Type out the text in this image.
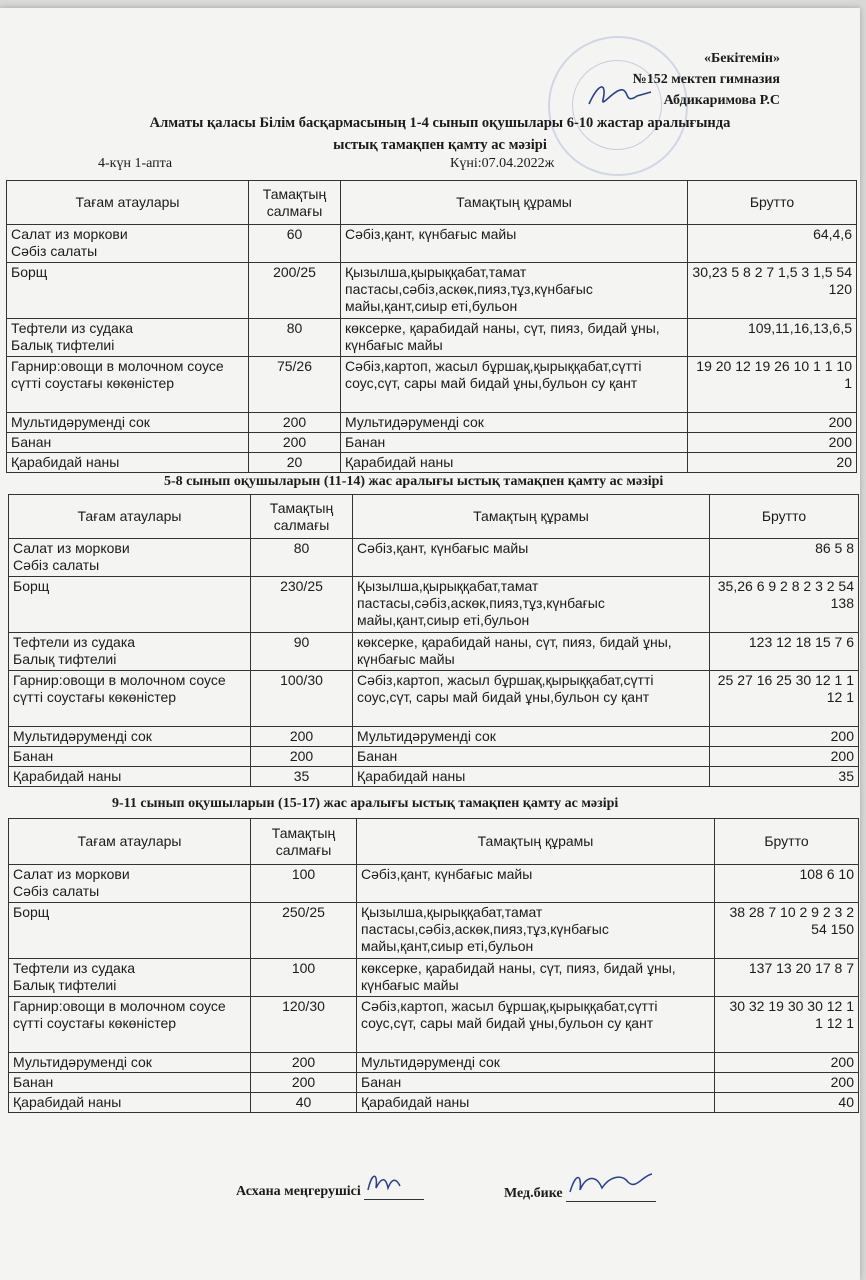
«Бекітемін»
№152 мектеп гимназия
Абдикаримова Р.С
Алматы қаласы Білім басқармасының 1-4 сынып оқушылары 6-10 жастар аралығында
ыстық тамақпен қамту ас мәзірі
4-күн 1-апта	Күні:07.04.2022ж
Тағам атаулары	Тамақтың салмағы	Тамақтың құрамы	Брутто
Салат из моркови
Сәбіз салаты	60	Сәбіз,қант, күнбағыс майы	64,4,6
Борщ	200/25	Қызылша,қырыққабат,тамат пастасы,сәбіз,аскөк,пияз,тұз,күнбағыс майы,қант,сиыр еті,бульон	30,23 5 8 2 7 1,5 3 1,5 54 120
Тефтели из судака
Балық тифтелиі	80	көксерке, қарабидай наны, сүт, пияз, бидай ұны, күнбағыс майы	109,11,16,13,6,5
Гарнир:овощи в молочном соусе сүтті соустағы көкөністер	75/26	Сәбіз,картоп, жасыл бұршақ,қырыққабат,сүтті соус,сүт, сары май бидай ұны,бульон су қант	19 20 12 19 26 10 1 1 10 1
Мультидәруменді сок	200	Мультидәруменді сок	200
Банан	200	Банан	200
Қарабидай наны	20	Қарабидай наны	20
5-8 сынып оқушыларын (11-14) жас аралығы ыстық тамақпен қамту ас мәзірі
Тағам атаулары	Тамақтың салмағы	Тамақтың құрамы	Брутто
Салат из моркови
Сәбіз салаты	80	Сәбіз,қант, күнбағыс майы	86 5 8
Борщ	230/25	Қызылша,қырыққабат,тамат пастасы,сәбіз,аскөк,пияз,тұз,күнбағыс майы,қант,сиыр еті,бульон	35,26 6 9 2 8 2 3 2 54 138
Тефтели из судака
Балық тифтелиі	90	көксерке, қарабидай наны, сүт, пияз, бидай ұны, күнбағыс майы	123 12 18 15 7 6
Гарнир:овощи в молочном соусе сүтті соустағы көкөністер	100/30	Сәбіз,картоп, жасыл бұршақ,қырыққабат,сүтті соус,сүт, сары май бидай ұны,бульон су қант	25 27 16 25 30 12 1 1 12 1
Мультидәруменді сок	200	Мультидәруменді сок	200
Банан	200	Банан	200
Қарабидай наны	35	Қарабидай наны	35
9-11 сынып оқушыларын (15-17) жас аралығы ыстық тамақпен қамту ас мәзірі
Тағам атаулары	Тамақтың салмағы	Тамақтың құрамы	Брутто
Салат из моркови
Сәбіз салаты	100	Сәбіз,қант, күнбағыс майы	108 6 10
Борщ	250/25	Қызылша,қырыққабат,тамат пастасы,сәбіз,аскөк,пияз,тұз,күнбағыс майы,қант,сиыр еті,бульон	38 28 7 10 2 9 2 3 2 54 150
Тефтели из судака
Балық тифтелиі	100	көксерке, қарабидай наны, сүт, пияз, бидай ұны, күнбағыс майы	137 13 20 17 8 7
Гарнир:овощи в молочном соусе сүтті соустағы көкөністер	120/30	Сәбіз,картоп, жасыл бұршақ,қырыққабат,сүтті соус,сүт, сары май бидай ұны,бульон су қант	30 32 19 30 30 12 1 1 12 1
Мультидәруменді сок	200	Мультидәруменді сок	200
Банан	200	Банан	200
Қарабидай наны	40	Қарабидай наны	40
Асхана меңгерушісі	Мед.бике
